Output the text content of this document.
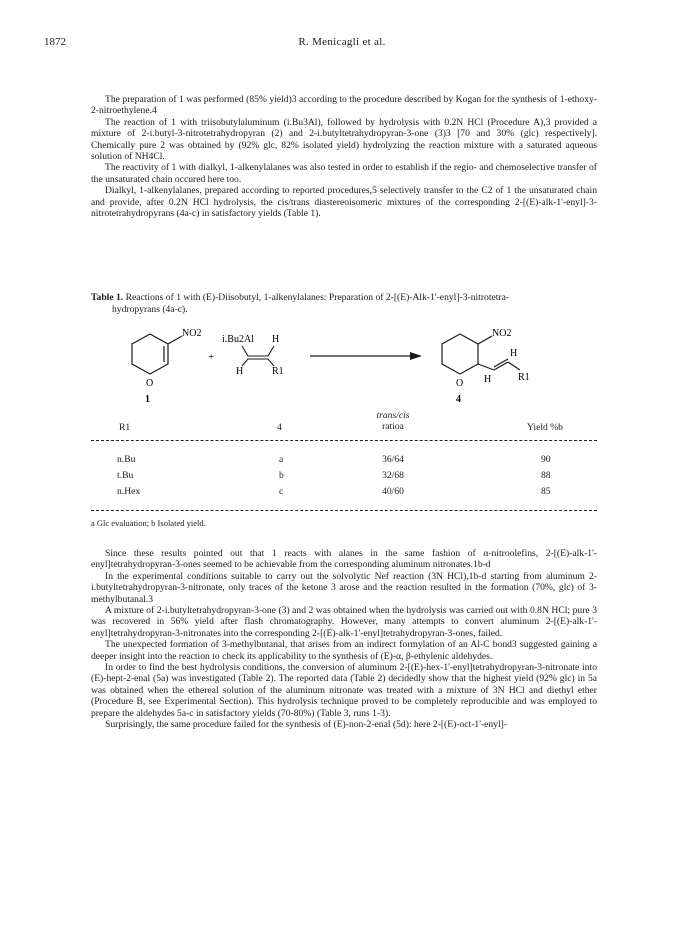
1872	R. Menicagli et al.

The preparation of 1 was performed (85% yield)3 according to the procedure described by Kogan for the synthesis of 1-ethoxy-2-nitroethylene.4

The reaction of 1 with triisobutylaluminum (i.Bu3Al), followed by hydrolysis with 0.2N HCl (Procedure A),3 provided a mixture of 2-i.butyl-3-nitrotetrahydropyran (2) and 2-i.butyltetrahydropyran-3-one (3)3 [70 and 30% (glc) respectively]. Chemically pure 2 was obtained by (92% glc, 82% isolated yield) hydrolyzing the reaction mixture with a saturated aqueous solution of NH4Cl.

The reactivity of 1 with dialkyl, 1-alkenylalanes was also tested in order to establish if the regio- and chemoselective transfer of the unsaturated chain occured here too.

Dialkyl, 1-alkenylalanes, prepared according to reported procedures,5 selectively transfer to the C2 of 1 the unsaturated chain and provide, after 0.2N HCl hydrolysis, the cis/trans diastereoisomeric mixtures of the corresponding 2-[(E)-alk-1'-enyl]-3-nitrotetrahydropyrans (4a-c) in satisfactory yields (Table 1).

Table 1. Reactions of 1 with (E)-Diisobutyl, 1-alkenylalanes: Preparation of 2-[(E)-Alk-1'-enyl]-3-nitrotetra-
hydropyrans (4a-c).
NO2
O
1
+
i.Bu2Al H
H	R1
NO2
O
H
H	R1
4
R1	4
trans/cis
ratioa	Yield %b
n.Bu	a	36/64	90
t.Bu	b	32/68	88
n.Hex	c	40/60	85
a Glc evaluation; b Isolated yield.

Since these results pointed out that 1 reacts with alanes in the same fashion of α-nitroolefins, 2-[(E)-alk-1'-enyl]tetrahydropyran-3-ones seemed to be achievable from the corresponding aluminum nitronates.1b-d

In the experimental conditions suitable to carry out the solvolytic Nef reaction (3N HCl),1b-d starting from aluminum 2-i.butyltetrahydropyran-3-nitronate, only traces of the ketone 3 arose and the reaction resulted in the formation (70%, glc) of 3-methylbutanal.3

A mixture of 2-i.butyltetrahydropyran-3-one (3) and 2 was obtained when the hydrolysis was carried out with 0.8N HCl; pure 3 was recovered in 56% yield after flash chromatography. However, many attempts to convert aluminum 2-[(E)-alk-1'-enyl]tetrahydropyran-3-nitronates into the corresponding 2-[(E)-alk-1'-enyl]tetrahydropyran-3-ones, failed.

The unexpected formation of 3-methylbutanal, that arises from an indirect formylation of an Al-C bond3 suggested gaining a deeper insight into the reaction to check its applicability to the synthesis of (E)-α, β-ethylenic aldehydes.

In order to find the best hydrolysis conditions, the conversion of aluminum 2-[(E)-hex-1'-enyl]tetrahydropyran-3-nitronate into (E)-hept-2-enal (5a) was investigated (Table 2). The reported data (Table 2) decidedly show that the highest yield (92% glc) in 5a was obtained when the ethereal solution of the aluminum nitronate was treated with a mixture of 3N HCl and diethyl ether (Procedure B, see Experimental Section). This hydrolysis technique proved to be completely reproducible and was employed to prepare the aldehydes 5a-c in satisfactory yields (70-80%) (Table 3, runs 1-3).

Surprisingly, the same procedure failed for the synthesis of (E)-non-2-enal (5d): here 2-[(E)-oct-1'-enyl]-
